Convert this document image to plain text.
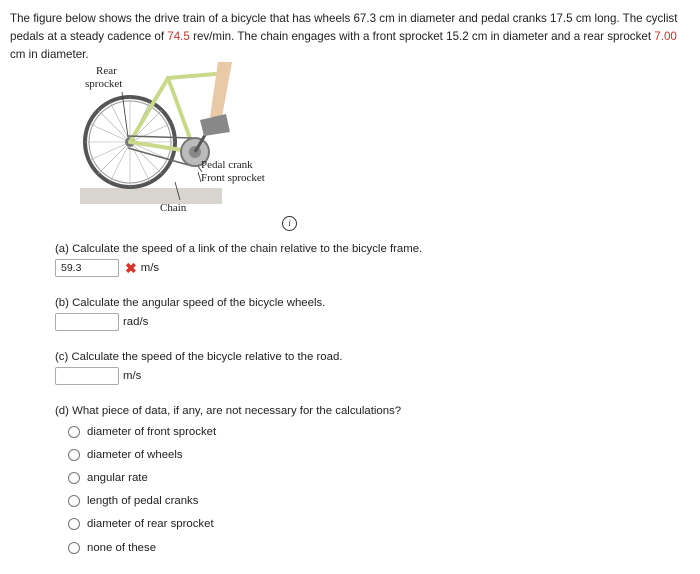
The figure below shows the drive train of a bicycle that has wheels 67.3 cm in diameter and pedal cranks 17.5 cm long. The cyclist pedals at a steady cadence of 74.5 rev/min. The chain engages with a front sprocket 15.2 cm in diameter and a rear sprocket 7.00 cm in diameter.
Rear
sprocket
Pedal crank
Front sprocket
Chain
i
(a) Calculate the speed of a link of the chain relative to the bicycle frame.
59.3	✖ m/s
(b) Calculate the angular speed of the bicycle wheels.
rad/s
(c) Calculate the speed of the bicycle relative to the road.
m/s
(d) What piece of data, if any, are not necessary for the calculations?
diameter of front sprocket
diameter of wheels
angular rate
length of pedal cranks
diameter of rear sprocket
none of these
